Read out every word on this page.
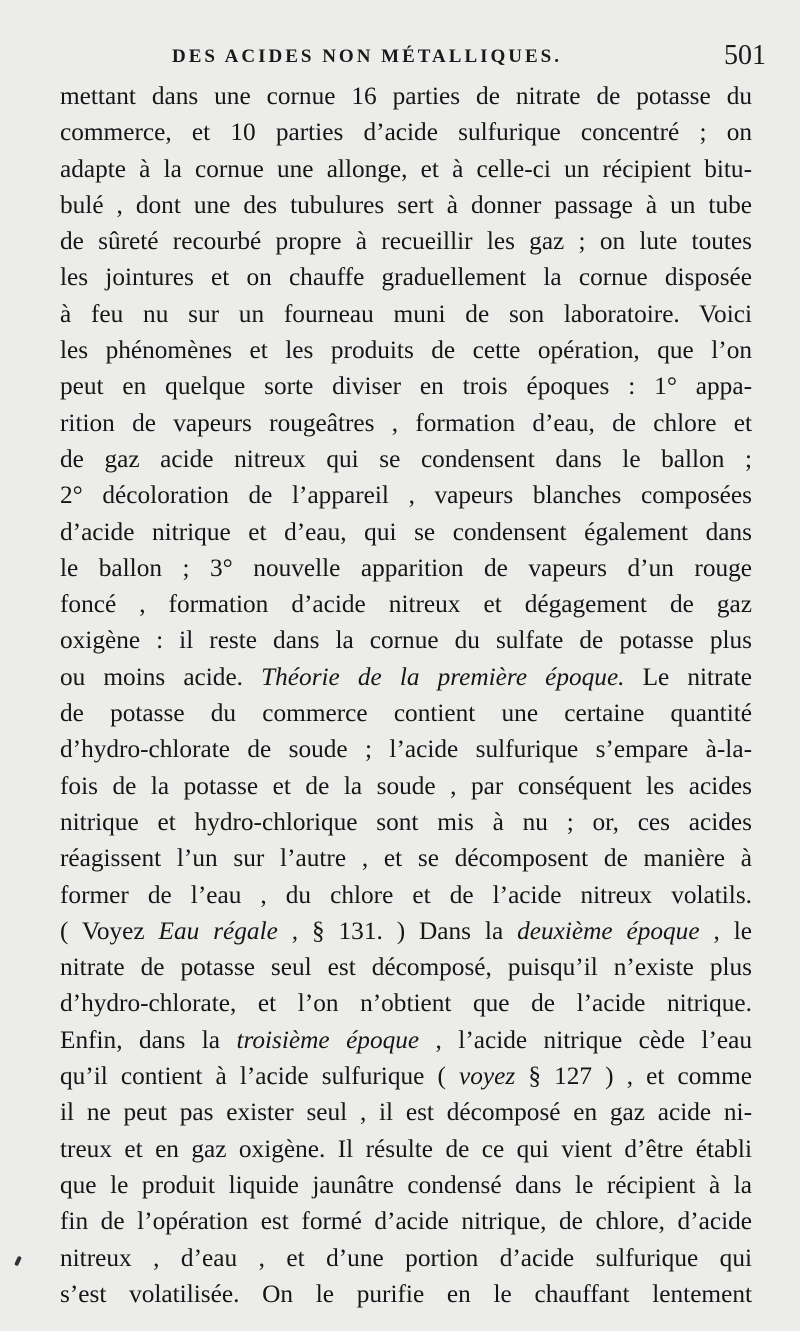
DES ACIDES NON MÉTALLIQUES.	501
mettant dans une cornue 16 parties de nitrate de potasse du
commerce, et 10 parties d’acide sulfurique concentré ; on
adapte à la cornue une allonge, et à celle-ci un récipient bitu-
bulé , dont une des tubulures sert à donner passage à un tube
de sûreté recourbé propre à recueillir les gaz ; on lute toutes
les jointures et on chauffe graduellement la cornue disposée
à feu nu sur un fourneau muni de son laboratoire. Voici
les phénomènes et les produits de cette opération, que l’on
peut en quelque sorte diviser en trois époques : 1° appa-
rition de vapeurs rougeâtres , formation d’eau, de chlore et
de gaz acide nitreux qui se condensent dans le ballon ;
2° décoloration de l’appareil , vapeurs blanches composées
d’acide nitrique et d’eau, qui se condensent également dans
le ballon ; 3° nouvelle apparition de vapeurs d’un rouge
foncé , formation d’acide nitreux et dégagement de gaz
oxigène : il reste dans la cornue du sulfate de potasse plus
ou moins acide. Théorie de la première époque. Le nitrate
de potasse du commerce contient une certaine quantité
d’hydro-chlorate de soude ; l’acide sulfurique s’empare à-la-
fois de la potasse et de la soude , par conséquent les acides
nitrique et hydro-chlorique sont mis à nu ; or, ces acides
réagissent l’un sur l’autre , et se décomposent de manière à
former de l’eau , du chlore et de l’acide nitreux volatils.
( Voyez Eau régale , § 131. ) Dans la deuxième époque , le
nitrate de potasse seul est décomposé, puisqu’il n’existe plus
d’hydro-chlorate, et l’on n’obtient que de l’acide nitrique.
Enfin, dans la troisième époque , l’acide nitrique cède l’eau
qu’il contient à l’acide sulfurique ( voyez § 127 ) , et comme
il ne peut pas exister seul , il est décomposé en gaz acide ni-
treux et en gaz oxigène. Il résulte de ce qui vient d’être établi
que le produit liquide jaunâtre condensé dans le récipient à la
fin de l’opération est formé d’acide nitrique, de chlore, d’acide
nitreux , d’eau , et d’une portion d’acide sulfurique qui
s’est volatilisée. On le purifie en le chauffant lentement
